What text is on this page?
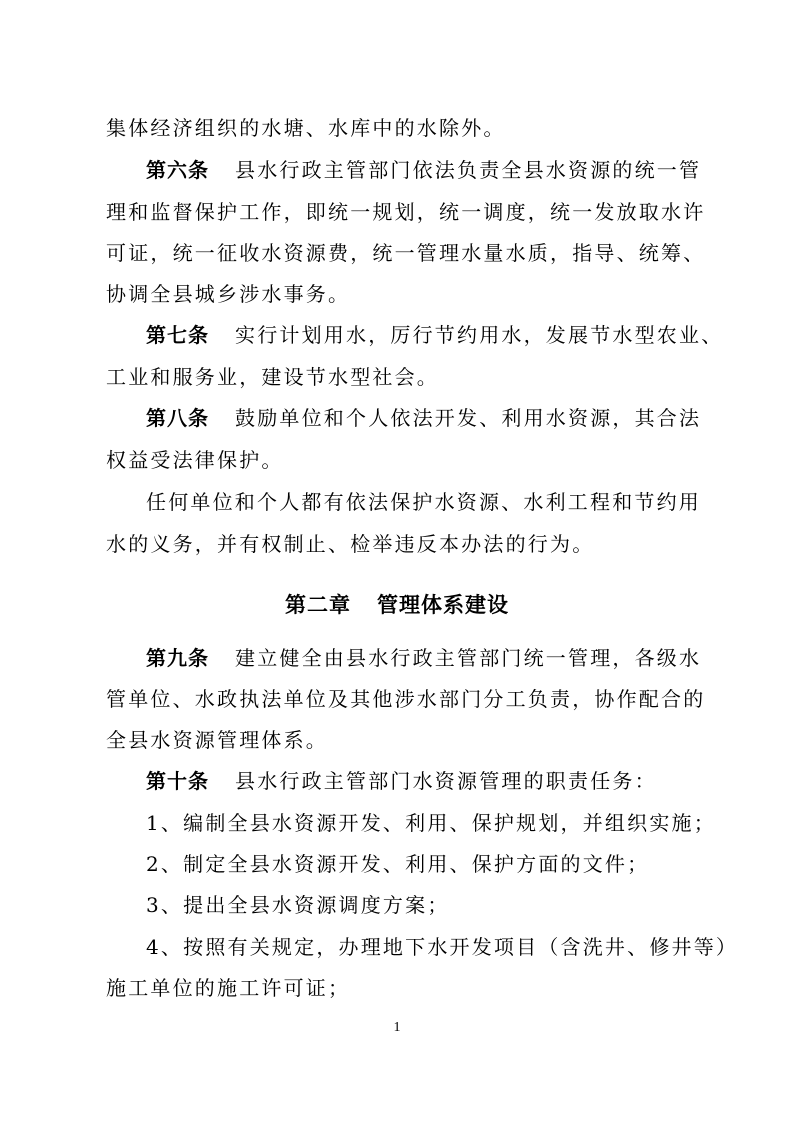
集体经济组织的水塘、水库中的水除外。
第六条 县水行政主管部门依法负责全县水资源的统一管
理和监督保护工作，即统一规划，统一调度，统一发放取水许
可证，统一征收水资源费，统一管理水量水质，指导、统筹、
协调全县城乡涉水事务。
第七条 实行计划用水，厉行节约用水，发展节水型农业、
工业和服务业，建设节水型社会。
第八条 鼓励单位和个人依法开发、利用水资源，其合法
权益受法律保护。
任何单位和个人都有依法保护水资源、水利工程和节约用
水的义务，并有权制止、检举违反本办法的行为。
第二章 管理体系建设
第九条 建立健全由县水行政主管部门统一管理，各级水
管单位、水政执法单位及其他涉水部门分工负责，协作配合的
全县水资源管理体系。
第十条 县水行政主管部门水资源管理的职责任务：
1、编制全县水资源开发、利用、保护规划，并组织实施；
2、制定全县水资源开发、利用、保护方面的文件；
3、提出全县水资源调度方案；
4、按照有关规定，办理地下水开发项目（含洗井、修井等）
施工单位的施工许可证；
1
